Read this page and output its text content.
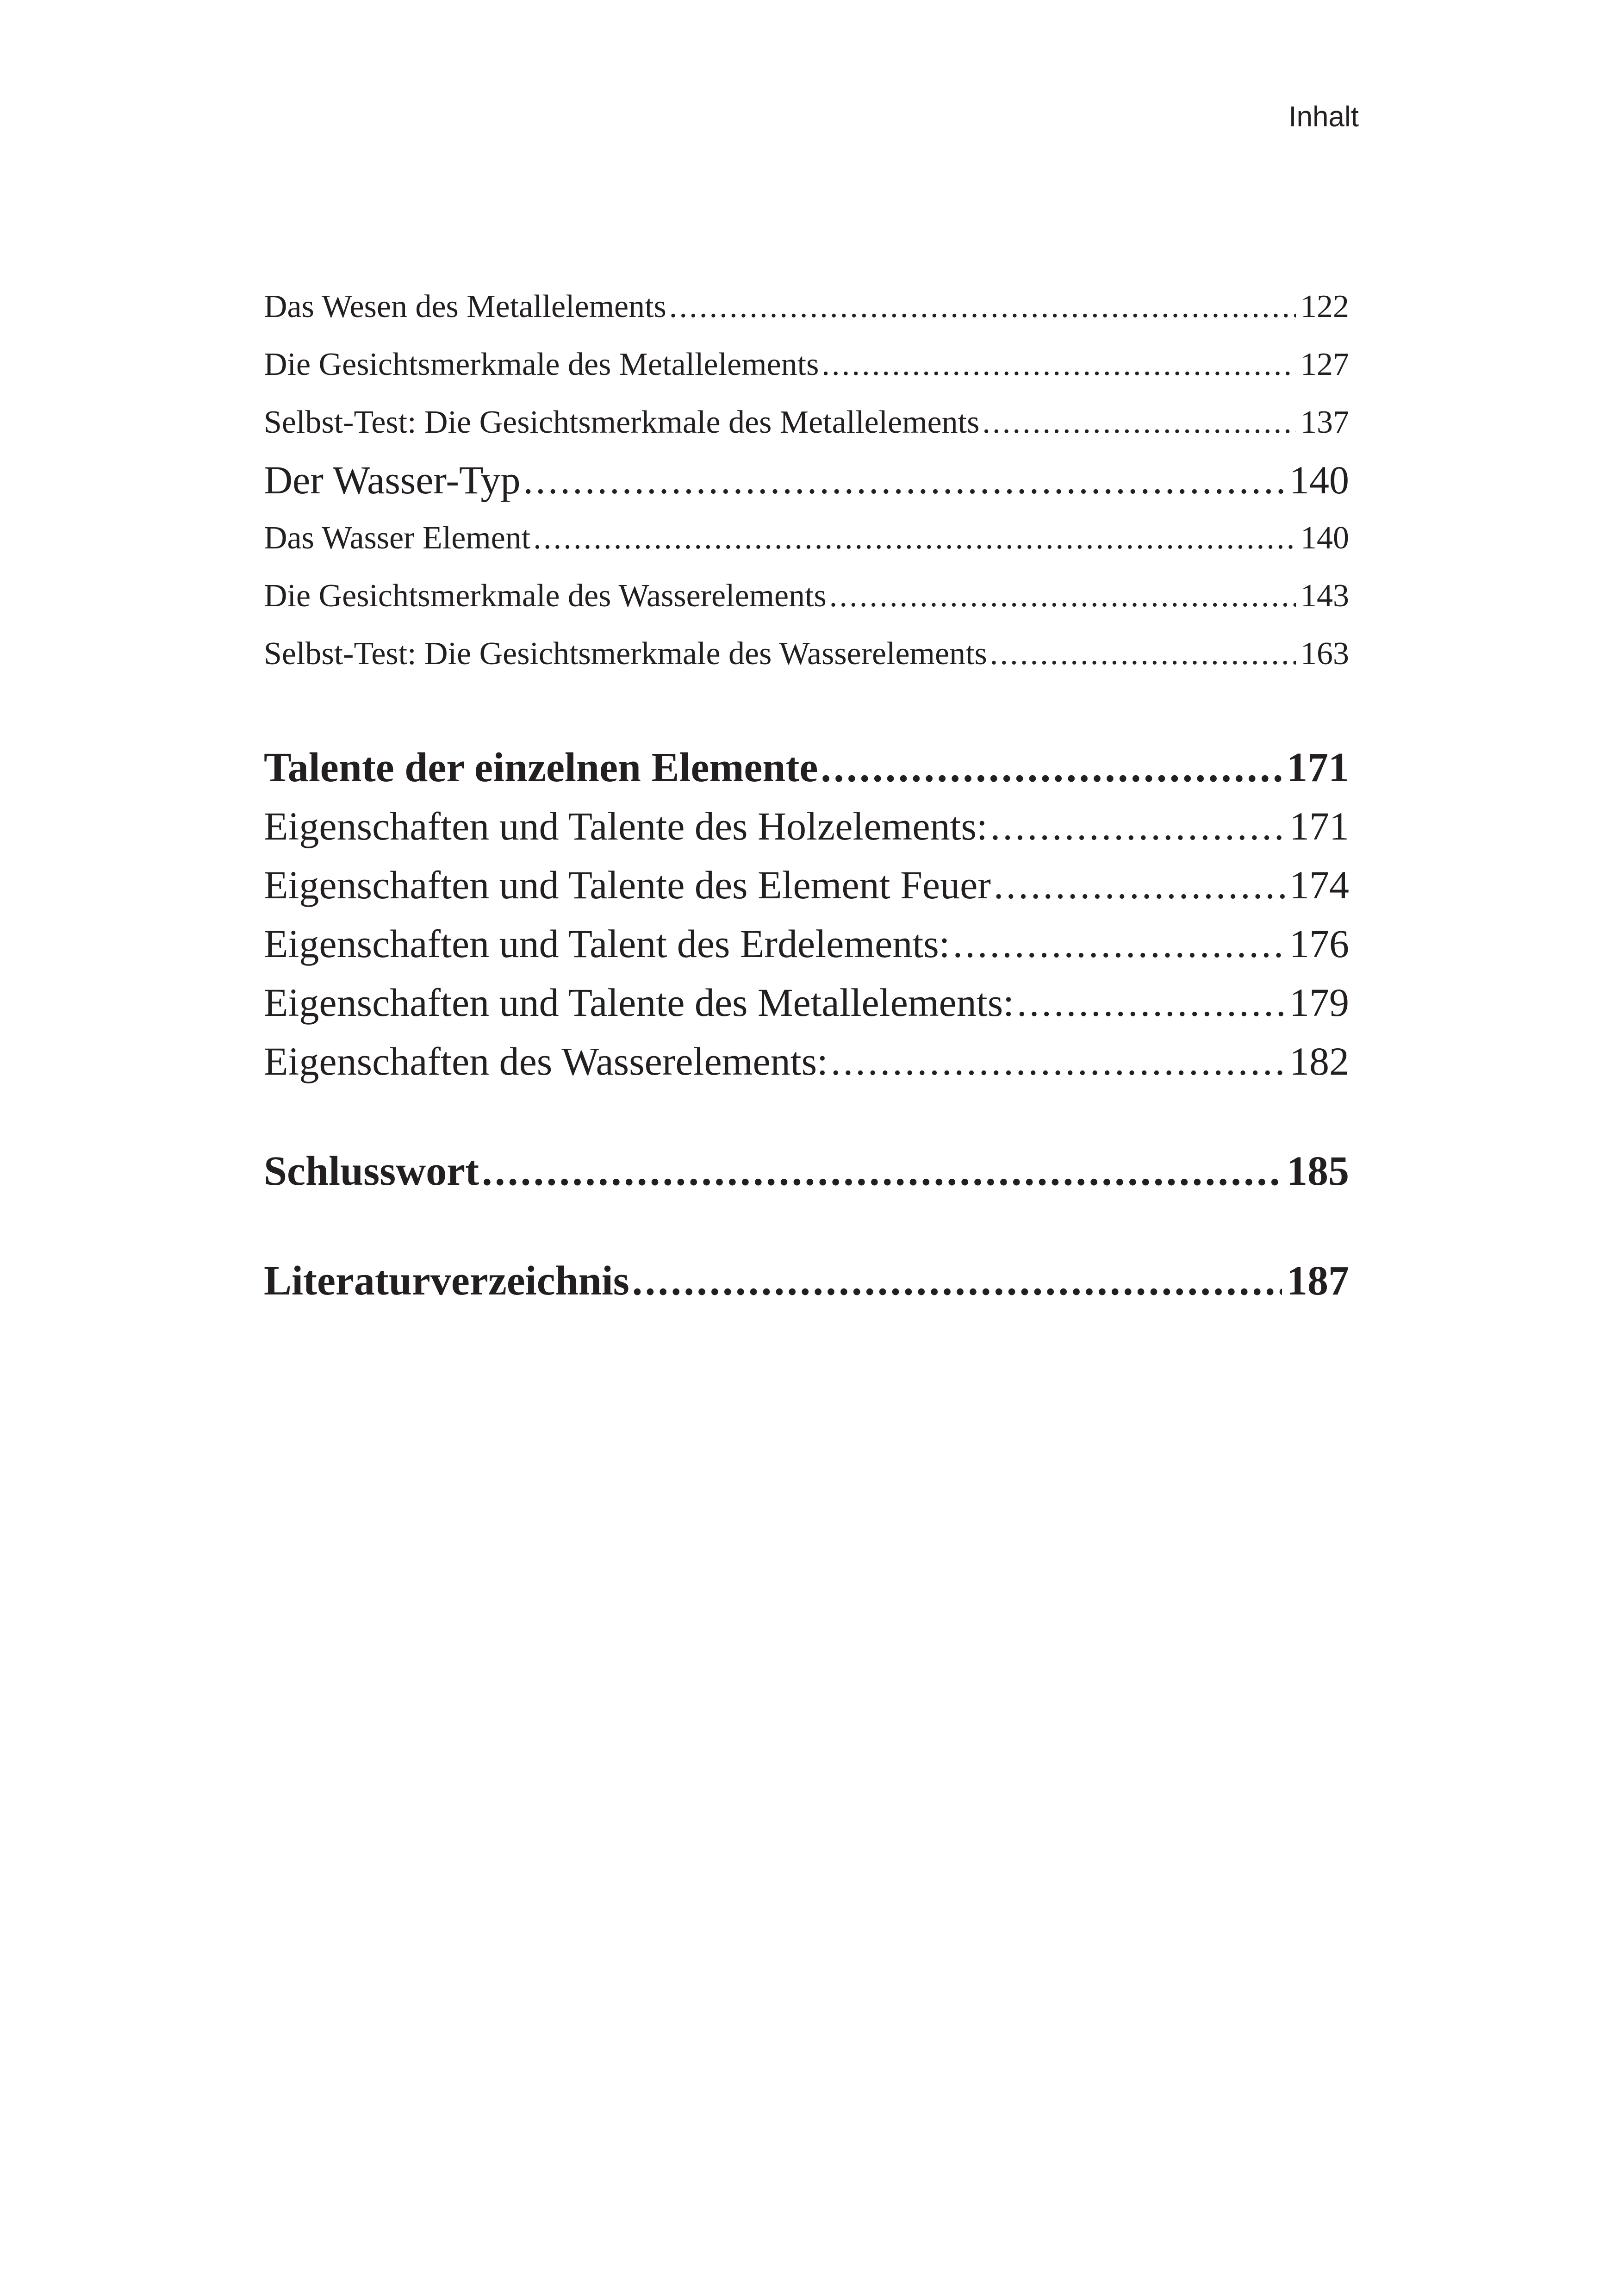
Inhalt
Das Wesen des Metallelements .....	122
Die Gesichtsmerkmale des Metallelements .....	127
Selbst-Test: Die Gesichtsmerkmale des Metallelements .....	137
Der Wasser-Typ .....	140
Das Wasser Element .....	140
Die Gesichtsmerkmale des Wasserelements .....	143
Selbst-Test: Die Gesichtsmerkmale des Wasserelements .....	163
Talente der einzelnen Elemente .....	171
Eigenschaften und Talente des Holzelements: .....	171
Eigenschaften und Talente des Element Feuer .....	174
Eigenschaften und Talent des Erdelements: .....	176
Eigenschaften und Talente des Metallelements: .....	179
Eigenschaften des Wasserelements: .....	182
Schlusswort .....	185
Literaturverzeichnis .....	187
